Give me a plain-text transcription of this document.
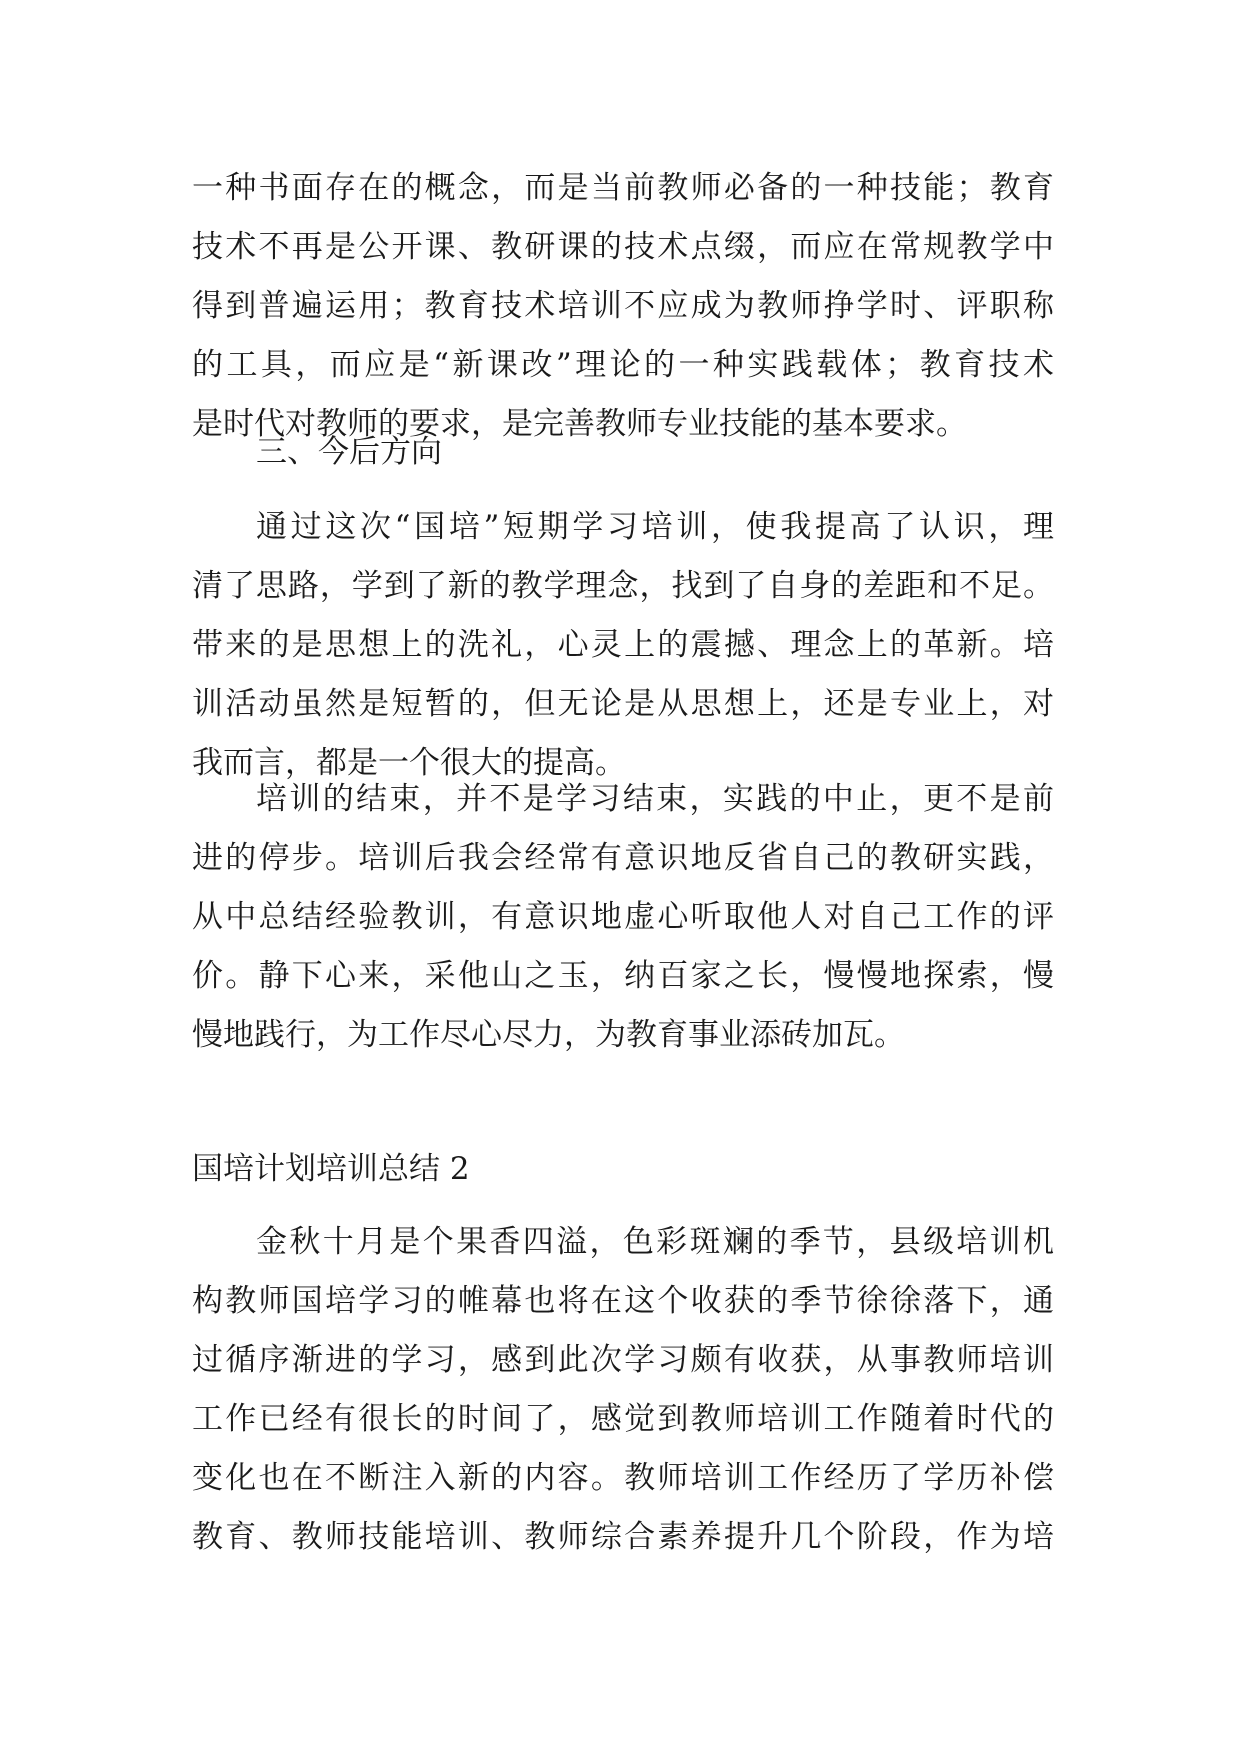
一种书面存在的概念，而是当前教师必备的一种技能；教育
技术不再是公开课、教研课的技术点缀，而应在常规教学中
得到普遍运用；教育技术培训不应成为教师挣学时、评职称
的工具，而应是“新课改”理论的一种实践载体；教育技术
是时代对教师的要求，是完善教师专业技能的基本要求。
三、今后方向
通过这次“国培”短期学习培训，使我提高了认识，理
清了思路，学到了新的教学理念，找到了自身的差距和不足。
带来的是思想上的洗礼，心灵上的震撼、理念上的革新。培
训活动虽然是短暂的，但无论是从思想上，还是专业上，对
我而言，都是一个很大的提高。
培训的结束，并不是学习结束，实践的中止，更不是前
进的停步。培训后我会经常有意识地反省自己的教研实践，
从中总结经验教训，有意识地虚心听取他人对自己工作的评
价。静下心来，采他山之玉，纳百家之长，慢慢地探索，慢
慢地践行，为工作尽心尽力，为教育事业添砖加瓦。
国培计划培训总结 2
金秋十月是个果香四溢，色彩斑斓的季节，县级培训机
构教师国培学习的帷幕也将在这个收获的季节徐徐落下，通
过循序渐进的学习，感到此次学习颇有收获，从事教师培训
工作已经有很长的时间了，感觉到教师培训工作随着时代的
变化也在不断注入新的内容。教师培训工作经历了学历补偿
教育、教师技能培训、教师综合素养提升几个阶段，作为培
